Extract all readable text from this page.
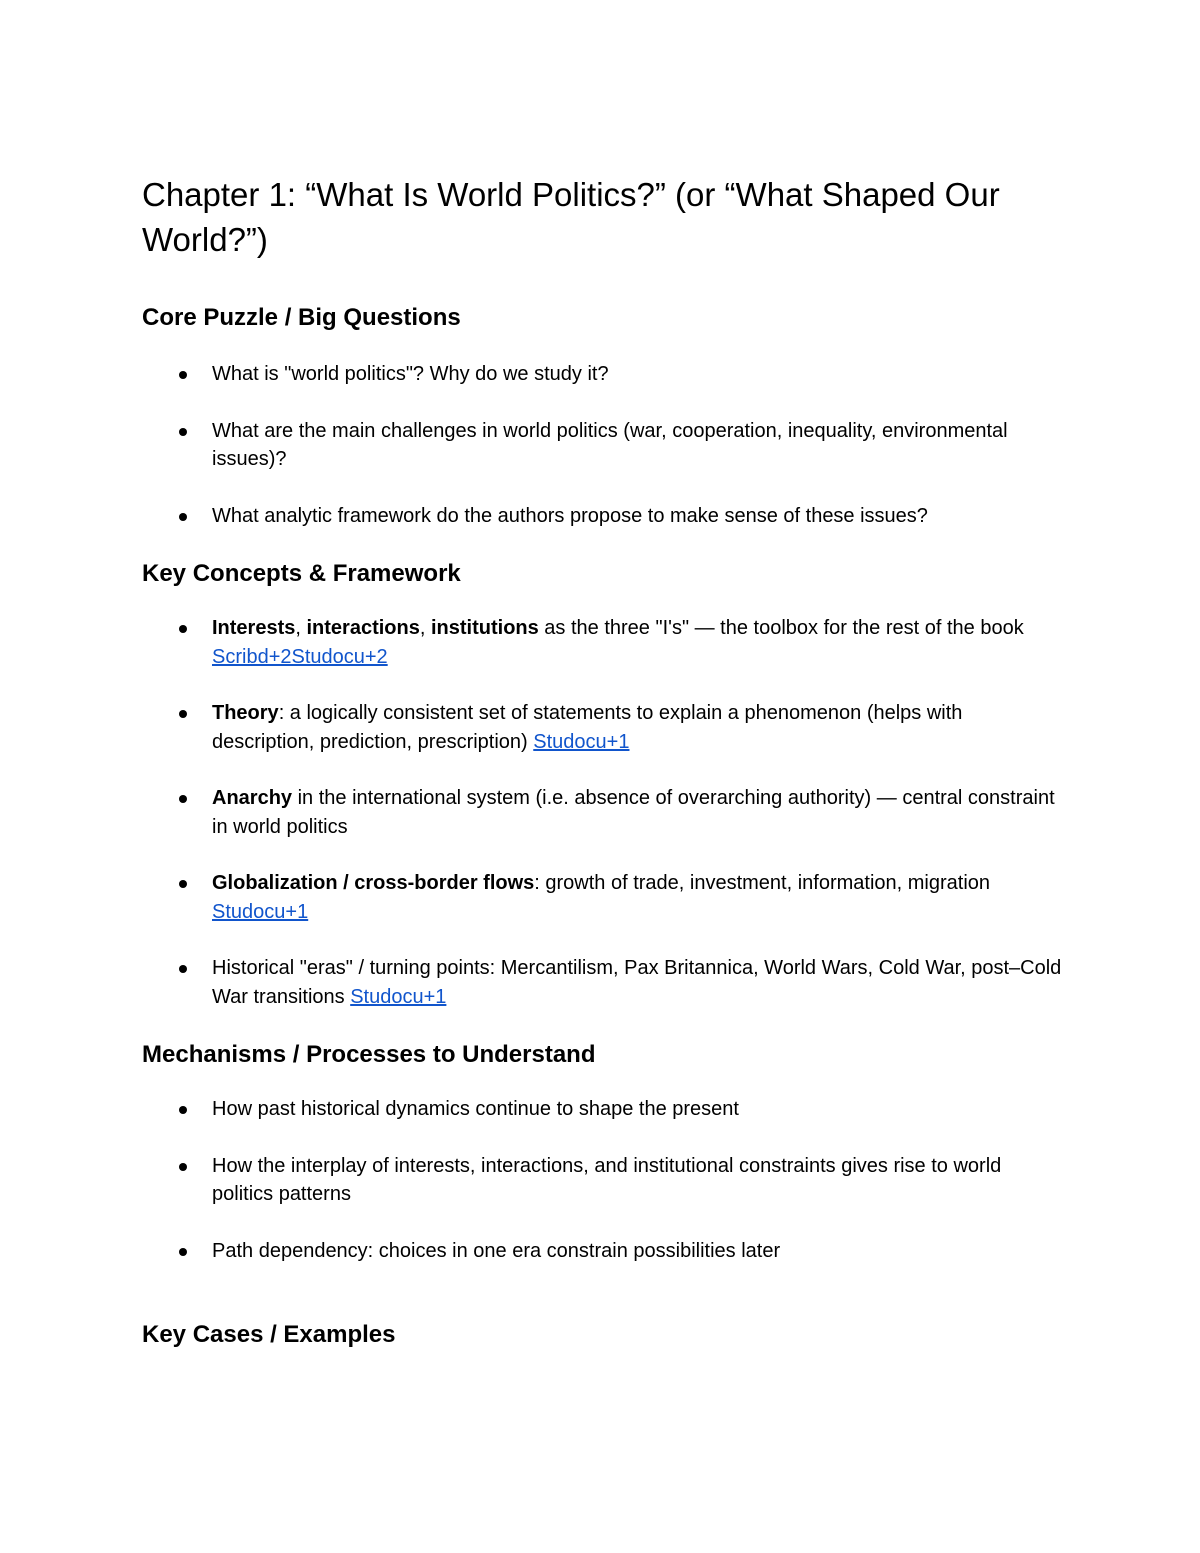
Chapter 1: “What Is World Politics?” (or “What Shaped Our World?”)
Core Puzzle / Big Questions
What is "world politics"? Why do we study it?
What are the main challenges in world politics (war, cooperation, inequality, environmental issues)?
What analytic framework do the authors propose to make sense of these issues?
Key Concepts & Framework
Interests, interactions, institutions as the three "I's" — the toolbox for the rest of the book Scribd+2Studocu+2
Theory: a logically consistent set of statements to explain a phenomenon (helps with description, prediction, prescription) Studocu+1
Anarchy in the international system (i.e. absence of overarching authority) — central constraint in world politics
Globalization / cross-border flows: growth of trade, investment, information, migration Studocu+1
Historical "eras" / turning points: Mercantilism, Pax Britannica, World Wars, Cold War, post–Cold War transitions Studocu+1
Mechanisms / Processes to Understand
How past historical dynamics continue to shape the present
How the interplay of interests, interactions, and institutional constraints gives rise to world politics patterns
Path dependency: choices in one era constrain possibilities later
Key Cases / Examples
